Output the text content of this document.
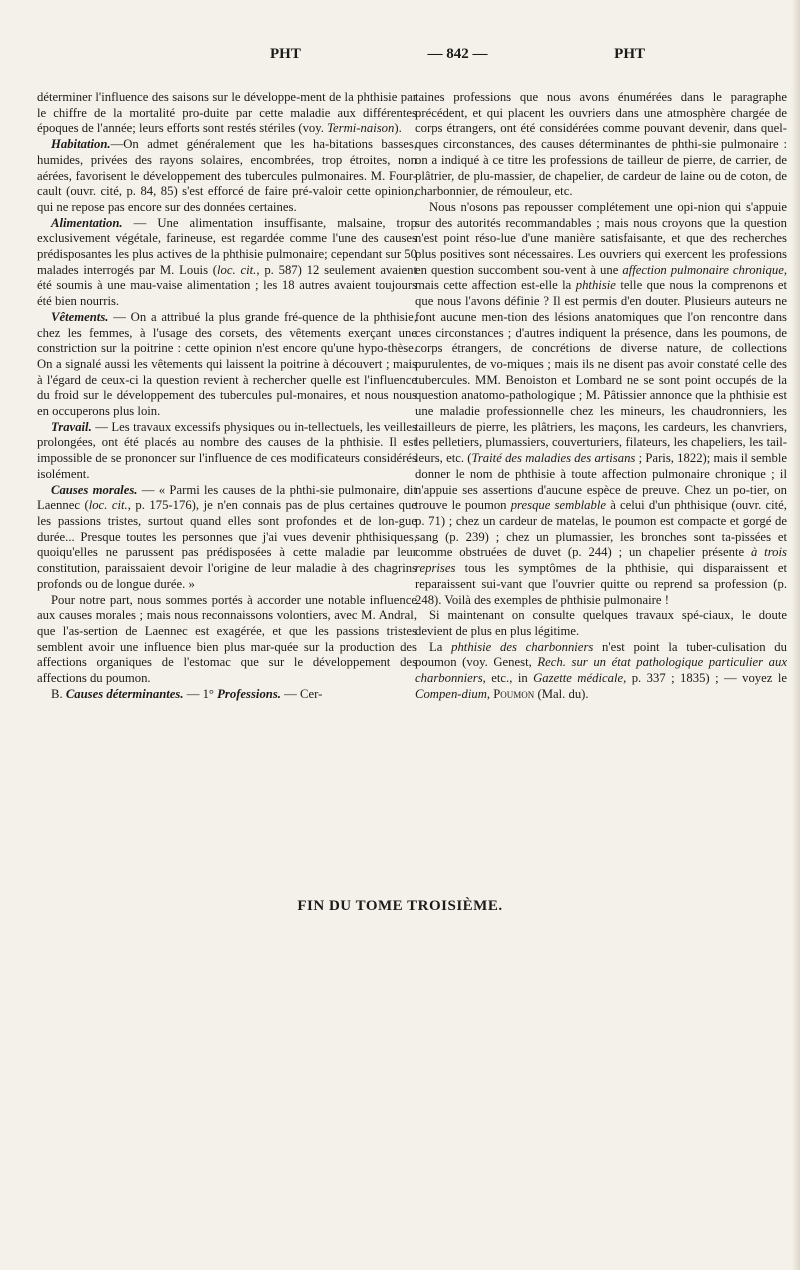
PHT	— 842 —	PHT

déterminer l'influence des saisons sur le développe-ment de la phthisie par le chiffre de la mortalité pro-duite par cette maladie aux différentes époques de l'année; leurs efforts sont restés stériles (voy. Termi-naison).

Habitation.—On admet généralement que les ha-bitations basses, humides, privées des rayons solaires, encombrées, trop étroites, non aérées, favorisent le développement des tubercules pulmonaires. M. Four-cault (ouvr. cité, p. 84, 85) s'est efforcé de faire pré-valoir cette opinion, qui ne repose pas encore sur des données certaines.

Alimentation. — Une alimentation insuffisante, malsaine, trop exclusivement végétale, farineuse, est regardée comme l'une des causes prédisposantes les plus actives de la phthisie pulmonaire; cependant sur 50 malades interrogés par M. Louis (loc. cit., p. 587) 12 seulement avaient été soumis à une mau-vaise alimentation ; les 18 autres avaient toujours été bien nourris.

Vêtements. — On a attribué la plus grande fré-quence de la phthisie, chez les femmes, à l'usage des corsets, des vêtements exerçant une constriction sur la poitrine : cette opinion n'est encore qu'une hypo-thèse. On a signalé aussi les vêtements qui laissent la poitrine à découvert ; mais à l'égard de ceux-ci la question revient à rechercher quelle est l'influence du froid sur le développement des tubercules pul-monaires, et nous nous en occuperons plus loin.

Travail. — Les travaux excessifs physiques ou in-tellectuels, les veilles prolongées, ont été placés au nombre des causes de la phthisie. Il est impossible de se prononcer sur l'influence de ces modificateurs considérés isolément.

Causes morales. — « Parmi les causes de la phthi-sie pulmonaire, dit Laennec (loc. cit., p. 175-176), je n'en connais pas de plus certaines que les passions tristes, surtout quand elles sont profondes et de lon-gue durée... Presque toutes les personnes que j'ai vues devenir phthisiques, quoiqu'elles ne parussent pas prédisposées à cette maladie par leur constitution, paraissaient devoir l'origine de leur maladie à des chagrins profonds ou de longue durée. »

Pour notre part, nous sommes portés à accorder une notable influence aux causes morales ; mais nous reconnaissons volontiers, avec M. Andral, que l'as-sertion de Laennec est exagérée, et que les passions tristes semblent avoir une influence bien plus mar-quée sur la production des affections organiques de l'estomac que sur le développement des affections du poumon.

B. Causes déterminantes. — 1° Professions. — Cer-

taines professions que nous avons énumérées dans le paragraphe précédent, et qui placent les ouvriers dans une atmosphère chargée de corps étrangers, ont été considérées comme pouvant devenir, dans quel-ques circonstances, des causes déterminantes de phthi-sie pulmonaire : on a indiqué à ce titre les professions de tailleur de pierre, de carrier, de plâtrier, de plu-massier, de chapelier, de cardeur de laine ou de coton, de charbonnier, de rémouleur, etc.

Nous n'osons pas repousser complétement une opi-nion qui s'appuie sur des autorités recommandables ; mais nous croyons que la question n'est point réso-lue d'une manière satisfaisante, et que des recherches plus positives sont nécessaires. Les ouvriers qui exercent les professions en question succombent sou-vent à une affection pulmonaire chronique, mais cette affection est-elle la phthisie telle que nous la comprenons et que nous l'avons définie ? Il est permis d'en douter. Plusieurs auteurs ne font aucune men-tion des lésions anatomiques que l'on rencontre dans ces circonstances ; d'autres indiquent la présence, dans les poumons, de corps étrangers, de concrétions de diverse nature, de collections purulentes, de vo-miques ; mais ils ne disent pas avoir constaté celle des tubercules. MM. Benoiston et Lombard ne se sont point occupés de la question anatomo-pathologique ; M. Pâtissier annonce que la phthisie est une maladie professionnelle chez les mineurs, les chaudronniers, les tailleurs de pierre, les plâtriers, les maçons, les cardeurs, les chanvriers, les pelletiers, plumassiers, couverturiers, filateurs, les chapeliers, les tail-leurs, etc. (Traité des maladies des artisans ; Paris, 1822); mais il semble donner le nom de phthisie à toute affection pulmonaire chronique ; il n'appuie ses assertions d'aucune espèce de preuve. Chez un po-tier, on trouve le poumon presque semblable à celui d'un phthisique (ouvr. cité, p. 71) ; chez un cardeur de matelas, le poumon est compacte et gorgé de sang (p. 239) ; chez un plumassier, les bronches sont ta-pissées et comme obstruées de duvet (p. 244) ; un chapelier présente à trois reprises tous les symptômes de la phthisie, qui disparaissent et reparaissent sui-vant que l'ouvrier quitte ou reprend sa profession (p. 248). Voilà des exemples de phthisie pulmonaire !

Si maintenant on consulte quelques travaux spé-ciaux, le doute devient de plus en plus légitime.

La phthisie des charbonniers n'est point la tuber-culisation du poumon (voy. Genest, Rech. sur un état pathologique particulier aux charbonniers, etc., in Gazette médicale, p. 337 ; 1835) ; — voyez le Compen-dium, Poumon (Mal. du).

FIN DU TOME TROISIÈME.
